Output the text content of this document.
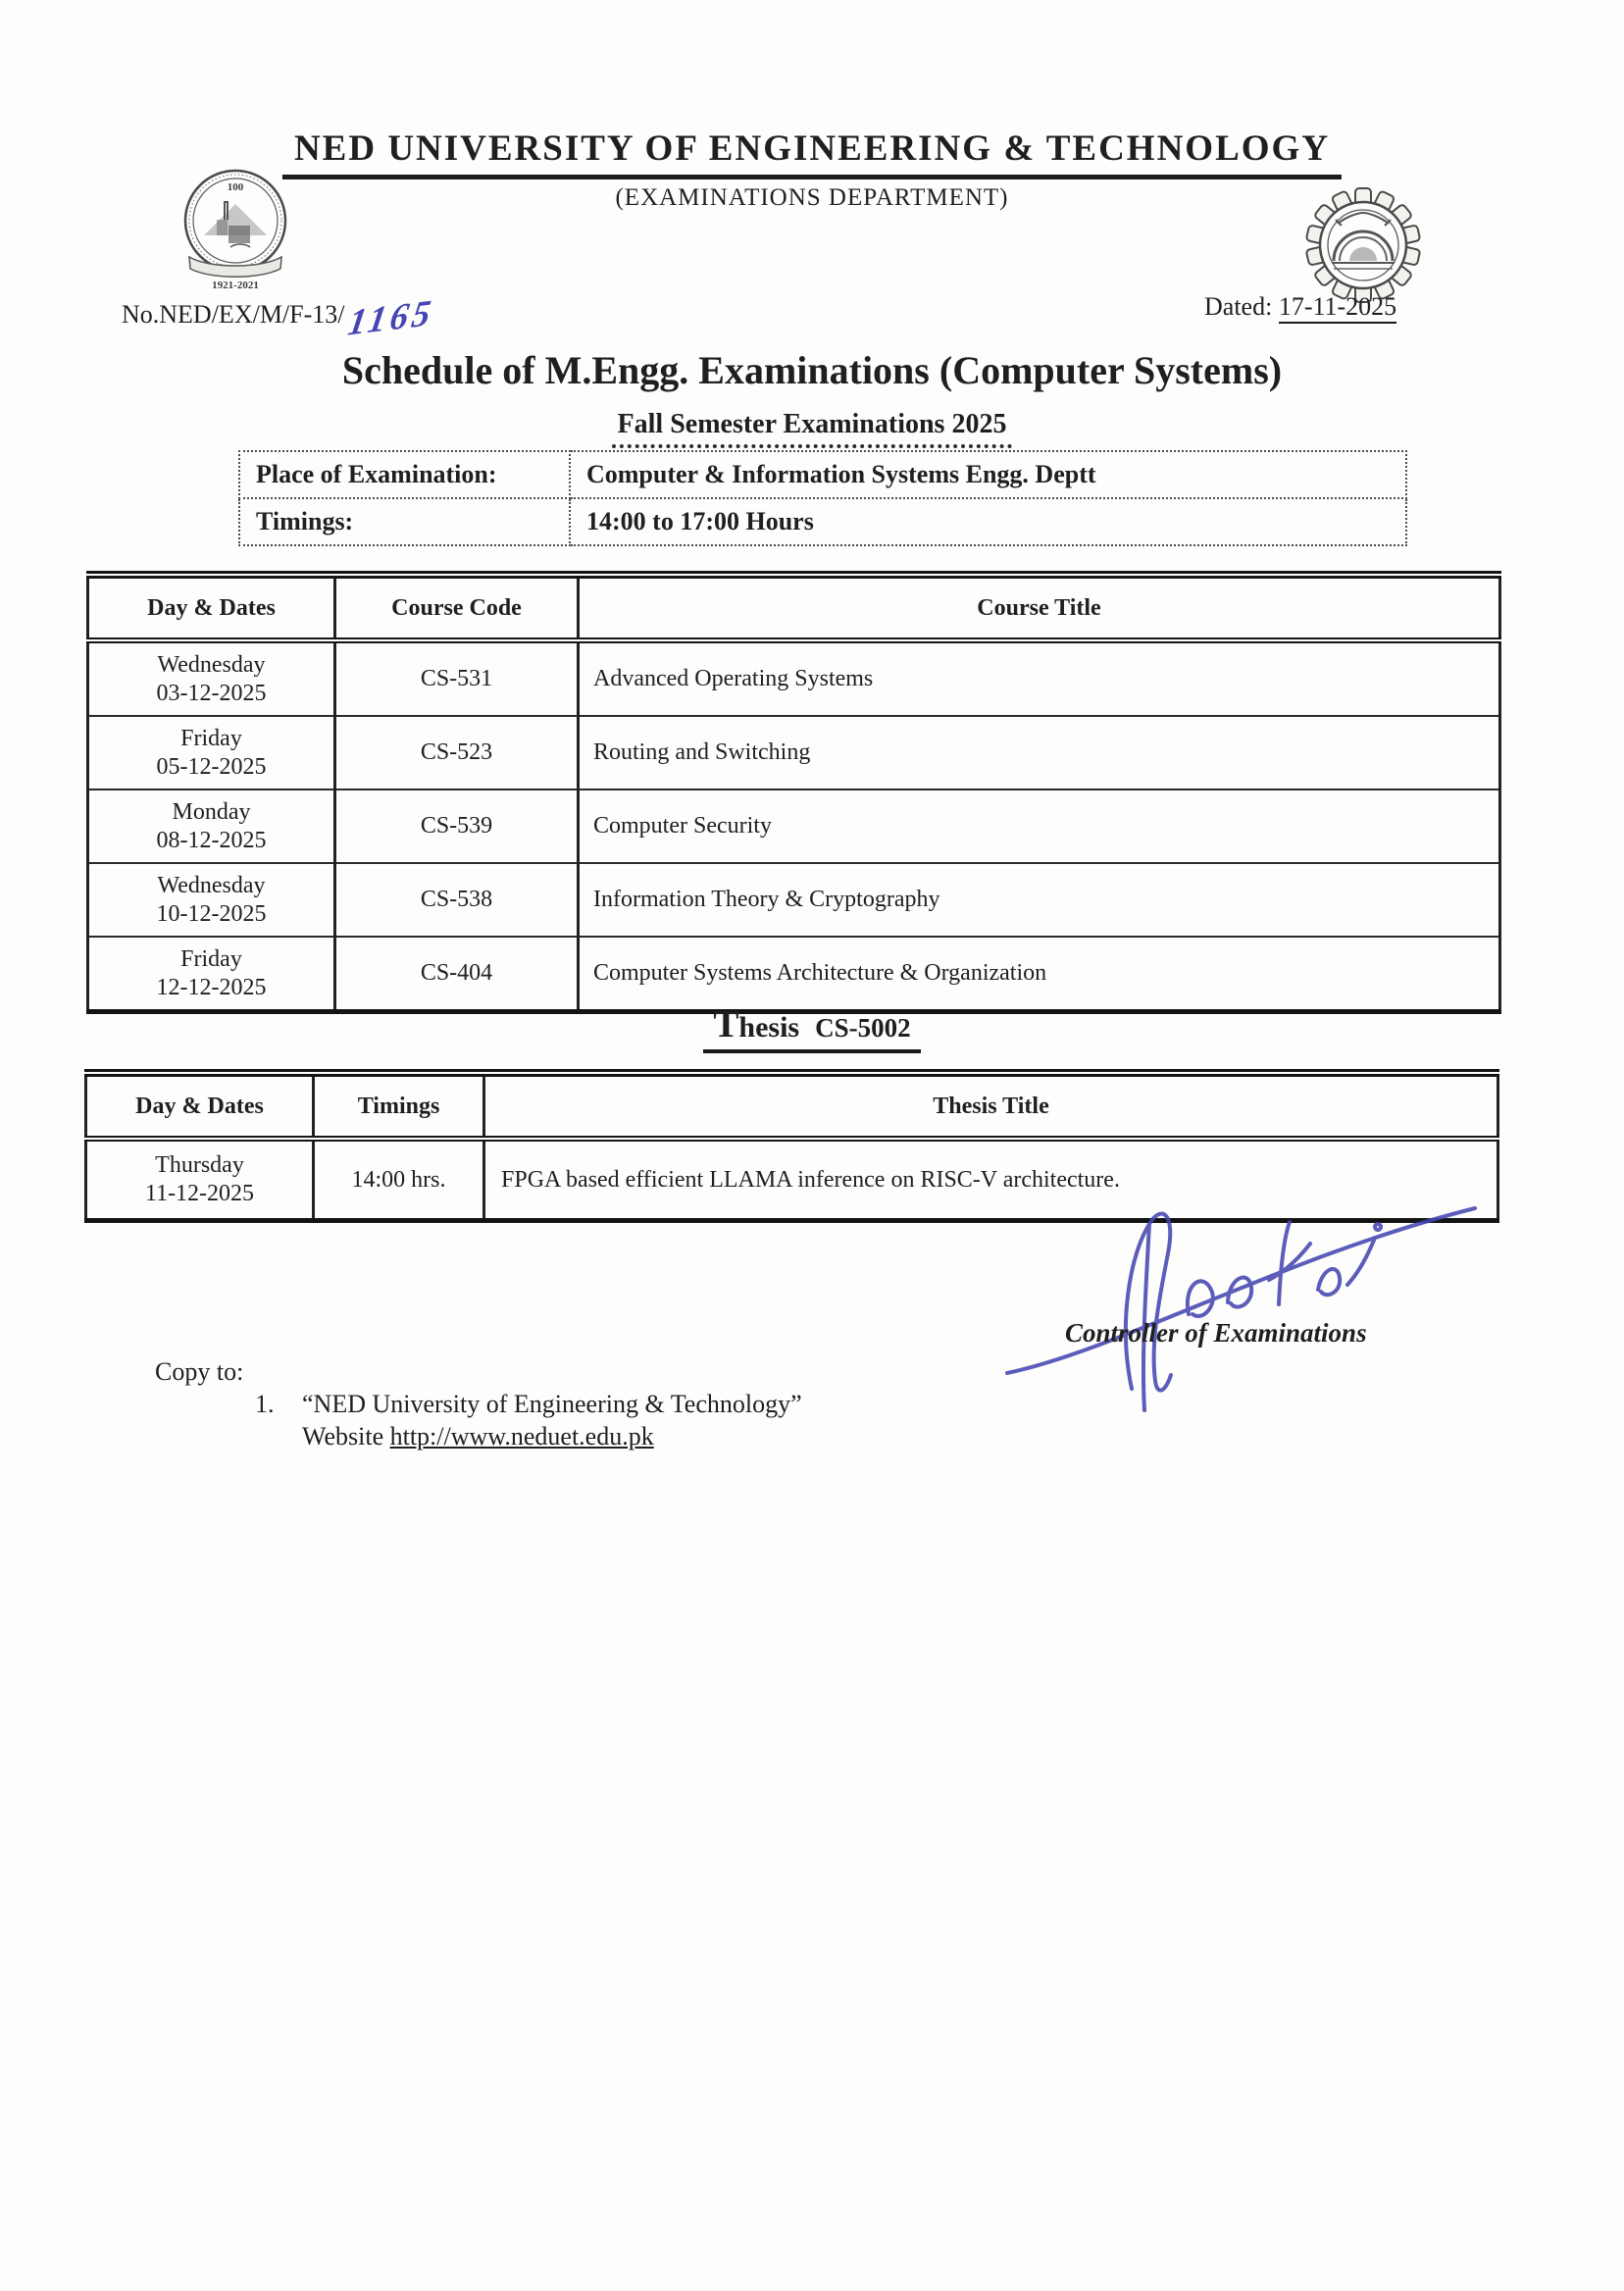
100
1921-2021
NED UNIVERSITY OF ENGINEERING & TECHNOLOGY
(EXAMINATIONS DEPARTMENT)
No.NED/EX/M/F-13/1165	Dated: 17-11-2025
Schedule of M.Engg. Examinations (Computer Systems)
Fall Semester Examinations 2025
Place of Examination:	Computer & Information Systems Engg. Deptt
Timings:	14:00 to 17:00 Hours
Day & Dates	Course Code	Course Title

Wednesday
03-12-2025	CS-531	Advanced Operating Systems

Friday
05-12-2025	CS-523	Routing and Switching

Monday
08-12-2025	CS-539	Computer Security

Wednesday
10-12-2025	CS-538	Information Theory & Cryptography

Friday
12-12-2025	CS-404	Computer Systems Architecture & Organization
Thesis CS-5002
Day & Dates	Timings	Thesis Title

Thursday
11-12-2025	14:00 hrs.	FPGA based efficient LLAMA inference on RISC-V architecture.
Controller of Examinations
Copy to:
1. “NED University of Engineering & Technology”
Website http://www.neduet.edu.pk
